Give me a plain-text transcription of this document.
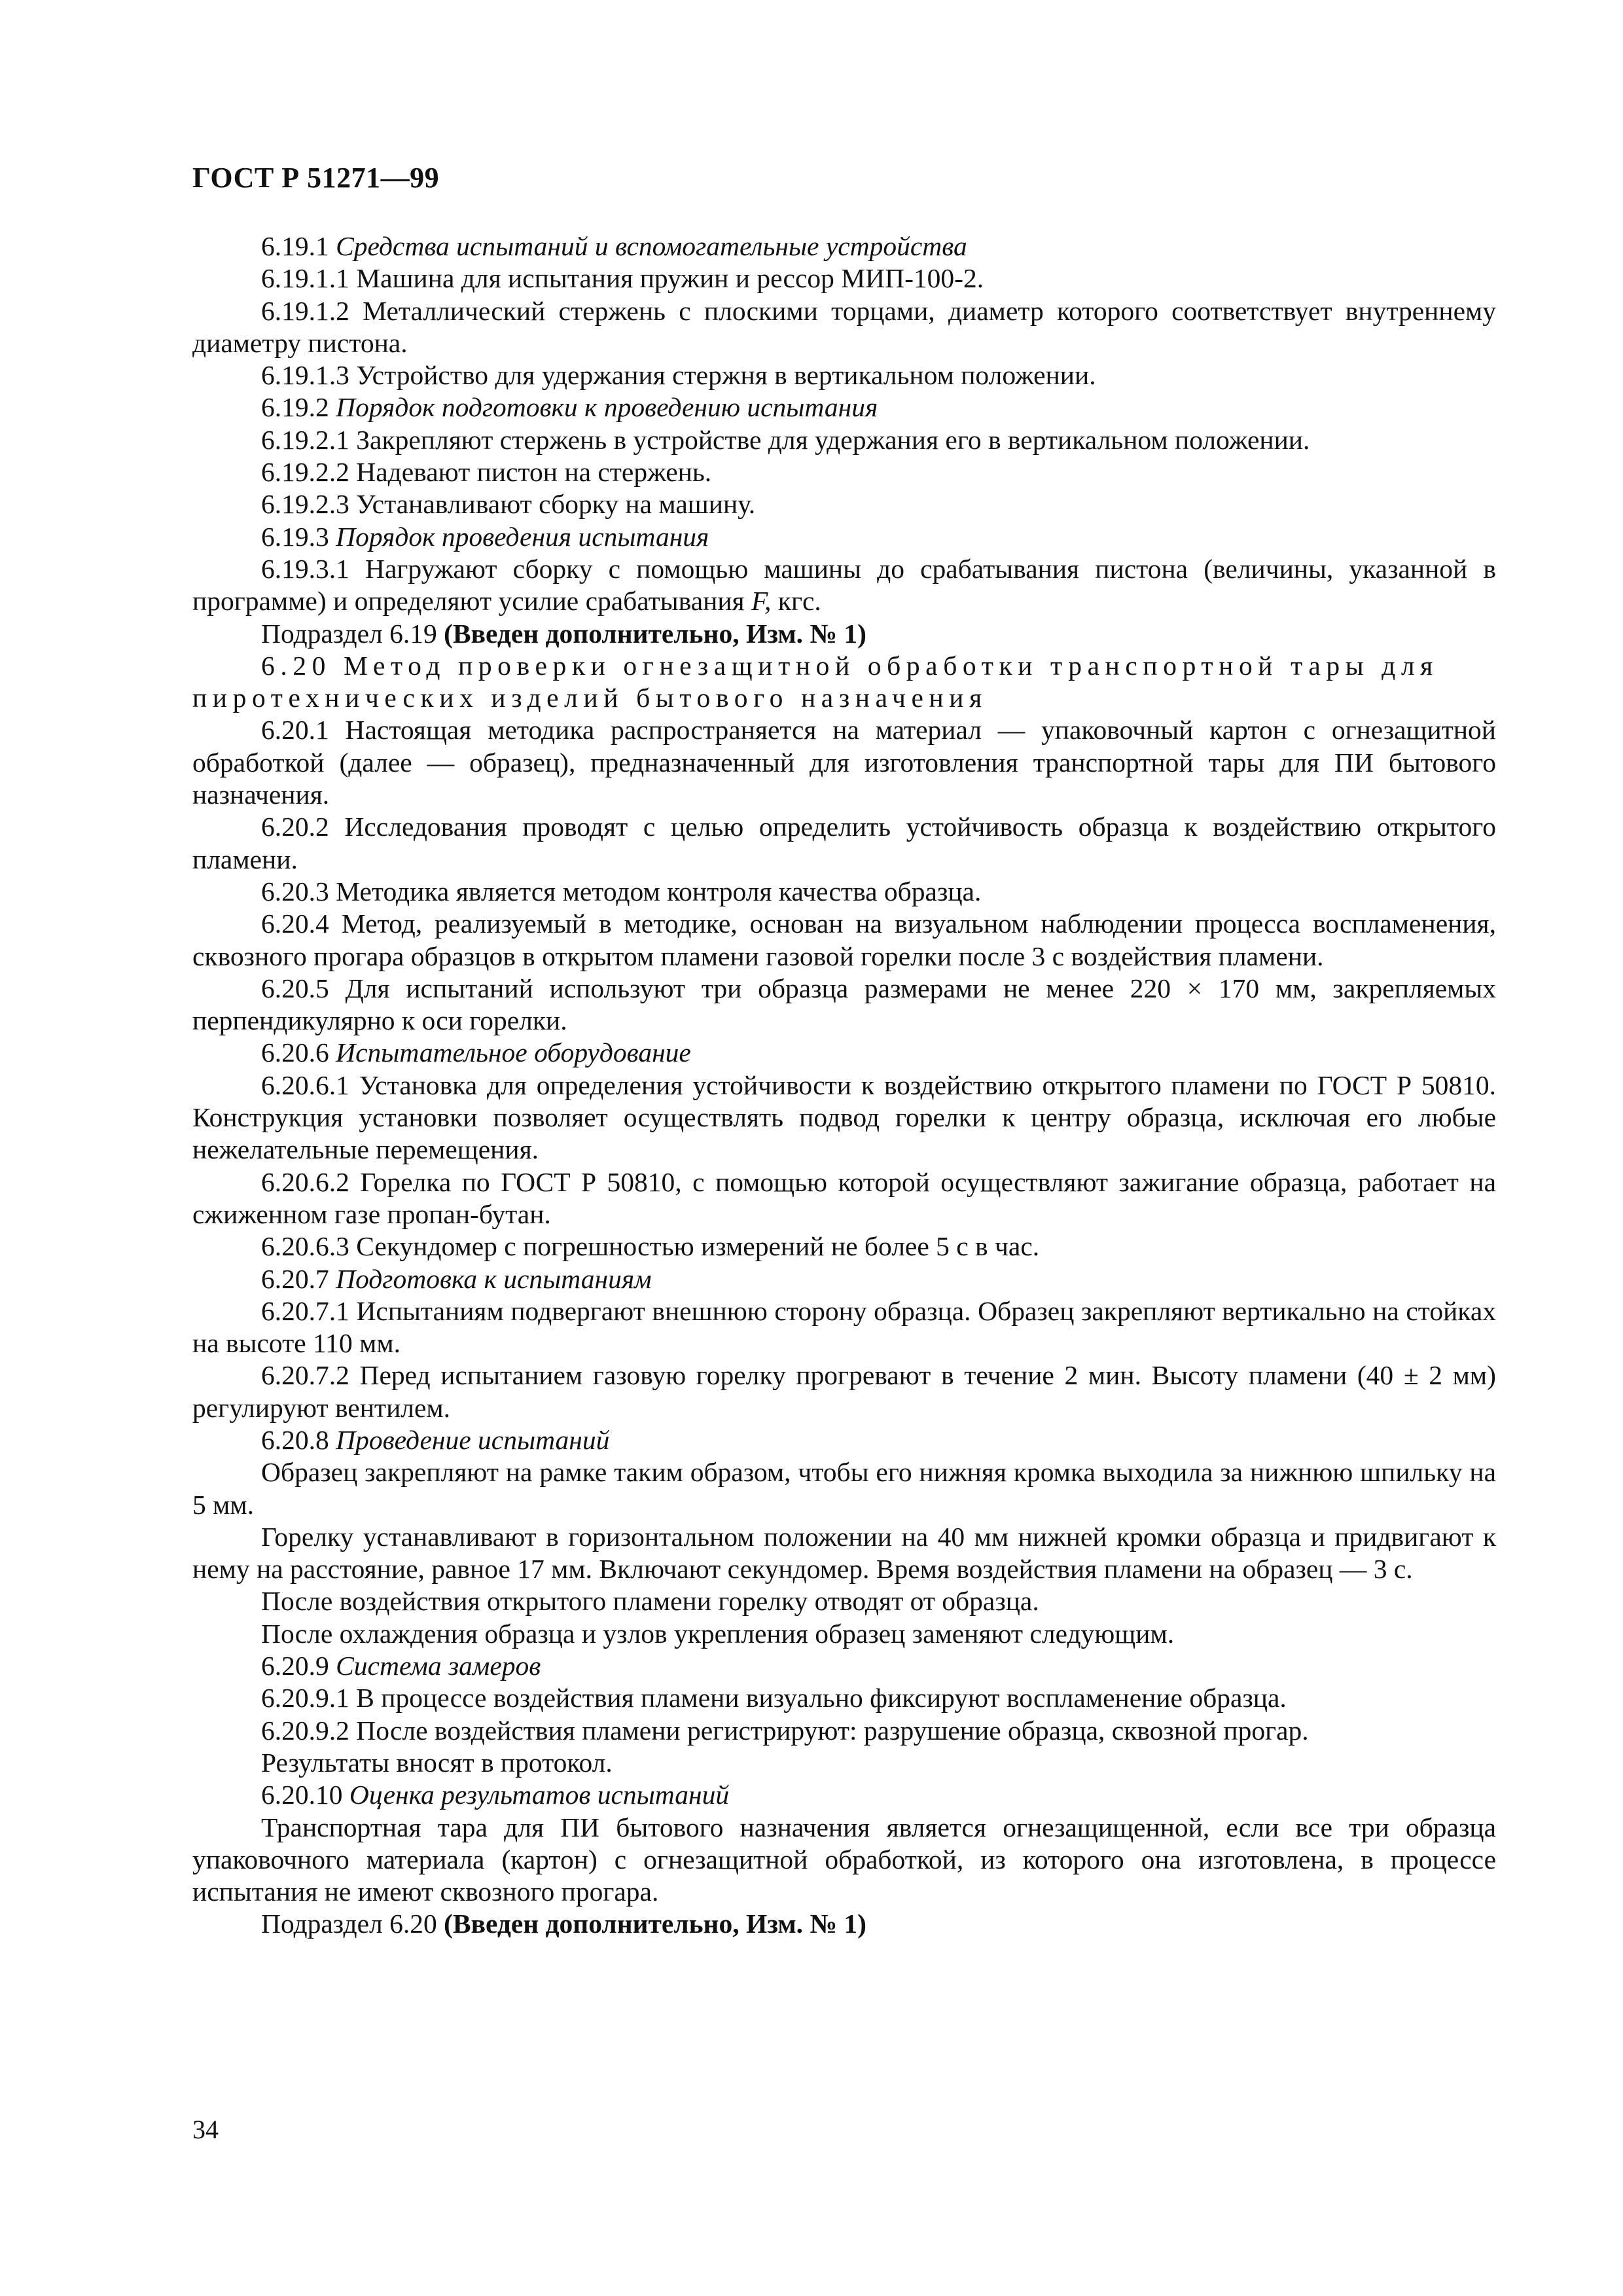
ГОСТ Р 51271—99

6.19.1 Средства испытаний и вспомогательные устройства

6.19.1.1 Машина для испытания пружин и рессор МИП-100-2.

6.19.1.2 Металлический стержень с плоскими торцами, диаметр которого соответствует внутреннему диаметру пистона.

6.19.1.3 Устройство для удержания стержня в вертикальном положении.

6.19.2 Порядок подготовки к проведению испытания

6.19.2.1 Закрепляют стержень в устройстве для удержания его в вертикальном положении.

6.19.2.2 Надевают пистон на стержень.

6.19.2.3 Устанавливают сборку на машину.

6.19.3 Порядок проведения испытания

6.19.3.1 Нагружают сборку с помощью машины до срабатывания пистона (величины, указанной в программе) и определяют усилие срабатывания F, кгс.

Подраздел 6.19 (Введен дополнительно, Изм. № 1)

6.20 Метод проверки огнезащитной обработки транспортной тары для пиротехнических изделий бытового назначения

6.20.1 Настоящая методика распространяется на материал — упаковочный картон с огнезащитной обработкой (далее — образец), предназначенный для изготовления транспортной тары для ПИ бытового назначения.

6.20.2 Исследования проводят с целью определить устойчивость образца к воздействию открытого пламени.

6.20.3 Методика является методом контроля качества образца.

6.20.4 Метод, реализуемый в методике, основан на визуальном наблюдении процесса воспламенения, сквозного прогара образцов в открытом пламени газовой горелки после 3 с воздействия пламени.

6.20.5 Для испытаний используют три образца размерами не менее 220 × 170 мм, закрепляемых перпендикулярно к оси горелки.

6.20.6 Испытательное оборудование

6.20.6.1 Установка для определения устойчивости к воздействию открытого пламени по ГОСТ Р 50810. Конструкция установки позволяет осуществлять подвод горелки к центру образца, исключая его любые нежелательные перемещения.

6.20.6.2 Горелка по ГОСТ Р 50810, с помощью которой осуществляют зажигание образца, работает на сжиженном газе пропан-бутан.

6.20.6.3 Секундомер с погрешностью измерений не более 5 с в час.

6.20.7 Подготовка к испытаниям

6.20.7.1 Испытаниям подвергают внешнюю сторону образца. Образец закрепляют вертикально на стойках на высоте 110 мм.

6.20.7.2 Перед испытанием газовую горелку прогревают в течение 2 мин. Высоту пламени (40 ± 2 мм) регулируют вентилем.

6.20.8 Проведение испытаний

Образец закрепляют на рамке таким образом, чтобы его нижняя кромка выходила за нижнюю шпильку на 5 мм.

Горелку устанавливают в горизонтальном положении на 40 мм нижней кромки образца и придвигают к нему на расстояние, равное 17 мм. Включают секундомер. Время воздействия пламени на образец — 3 с.

После воздействия открытого пламени горелку отводят от образца.

После охлаждения образца и узлов укрепления образец заменяют следующим.

6.20.9 Система замеров

6.20.9.1 В процессе воздействия пламени визуально фиксируют воспламенение образца.

6.20.9.2 После воздействия пламени регистрируют: разрушение образца, сквозной прогар.

Результаты вносят в протокол.

6.20.10 Оценка результатов испытаний

Транспортная тара для ПИ бытового назначения является огнезащищенной, если все три образца упаковочного материала (картон) с огнезащитной обработкой, из которого она изготовлена, в процессе испытания не имеют сквозного прогара.

Подраздел 6.20 (Введен дополнительно, Изм. № 1)

34
